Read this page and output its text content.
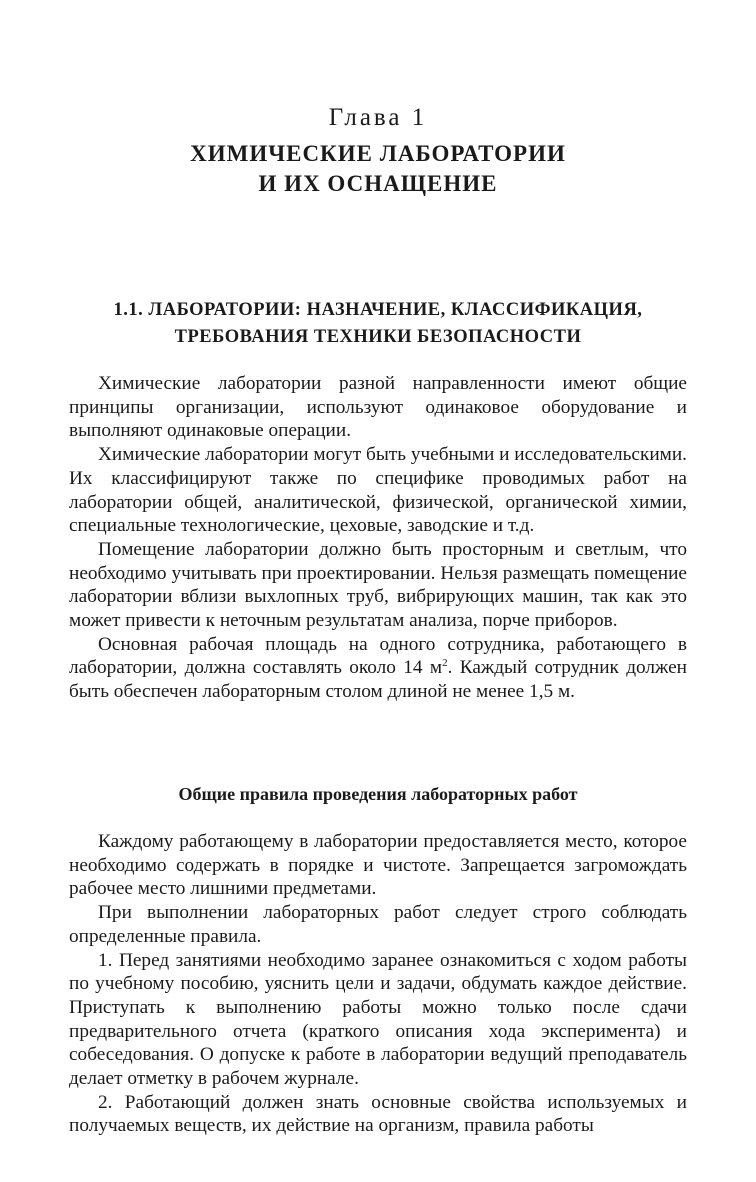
Глава 1
ХИМИЧЕСКИЕ ЛАБОРАТОРИИ
И ИХ ОСНАЩЕНИЕ
1.1. ЛАБОРАТОРИИ: НАЗНАЧЕНИЕ, КЛАССИФИКАЦИЯ,
ТРЕБОВАНИЯ ТЕХНИКИ БЕЗОПАСНОСТИ

Химические лаборатории разной направленности имеют общие принципы организации, используют одинаковое оборудование и выполняют одинаковые операции.

Химические лаборатории могут быть учебными и исследовательскими. Их классифицируют также по специфике проводимых работ на лаборатории общей, аналитической, физической, органической химии, специальные технологические, цеховые, заводские и т.д.

Помещение лаборатории должно быть просторным и светлым, что необходимо учитывать при проектировании. Нельзя размещать помещение лаборатории вблизи выхлопных труб, вибрирующих машин, так как это может привести к неточным результатам анализа, порче приборов.

Основная рабочая площадь на одного сотрудника, работающего в лаборатории, должна составлять около 14 $м^2$. Каждый сотрудник должен быть обеспечен лабораторным столом длиной не менее 1,5 м.

Общие правила проведения лабораторных работ

Каждому работающему в лаборатории предоставляется место, которое необходимо содержать в порядке и чистоте. Запрещается загромождать рабочее место лишними предметами.

При выполнении лабораторных работ следует строго соблюдать определенные правила.

1. Перед занятиями необходимо заранее ознакомиться с ходом работы по учебному пособию, уяснить цели и задачи, обдумать каждое действие. Приступать к выполнению работы можно только после сдачи предварительного отчета (краткого описания хода эксперимента) и собеседования. О допуске к работе в лаборатории ведущий преподаватель делает отметку в рабочем журнале.

2. Работающий должен знать основные свойства используемых и получаемых веществ, их действие на организм, правила работы
